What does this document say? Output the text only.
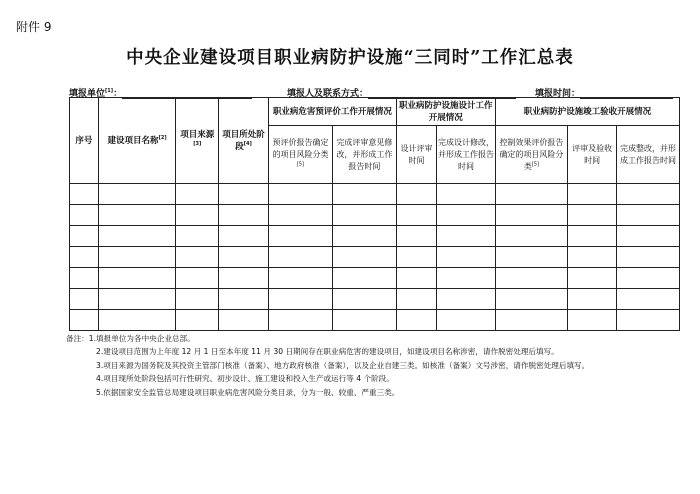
附件 9
中央企业建设项目职业病防护设施“三同时”工作汇总表
填报单位[1]：	填报人及联系方式：	填报时间：
序号	建设项目名称[2]	项目来源[3]	项目所处阶段[4]	职业病危害预评价工作开展情况		职业病防护设施设计工作开展情况		职业病防护设施竣工验收开展情况		
				预评价报告确定的项目风险分类[5]	完成评审意见修改，并形成工作报告时间	设计评审时间	完成设计修改，并形成工作报告时间	控制效果评价报告确定的项目风险分类[5]	评审及验收时间	完成整改，并形成工作报告时间

备注：1.填报单位为各中央企业总部。
2.建设项目范围为上年度 12 月 1 日至本年度 11 月 30 日期间存在职业病危害的建设项目，如建设项目名称涉密，请作脱密处理后填写。
3.项目来源为国务院及其投资主管部门核准（备案）、地方政府核准（备案），以及企业自建三类。如核准（备案）文号涉密，请作脱密处理后填写。
4.项目现所处阶段包括可行性研究、初步设计、施工建设和投入生产或运行等 4 个阶段。
5.依据国家安全监管总局建设项目职业病危害风险分类目录，分为一般、较重、严重三类。
